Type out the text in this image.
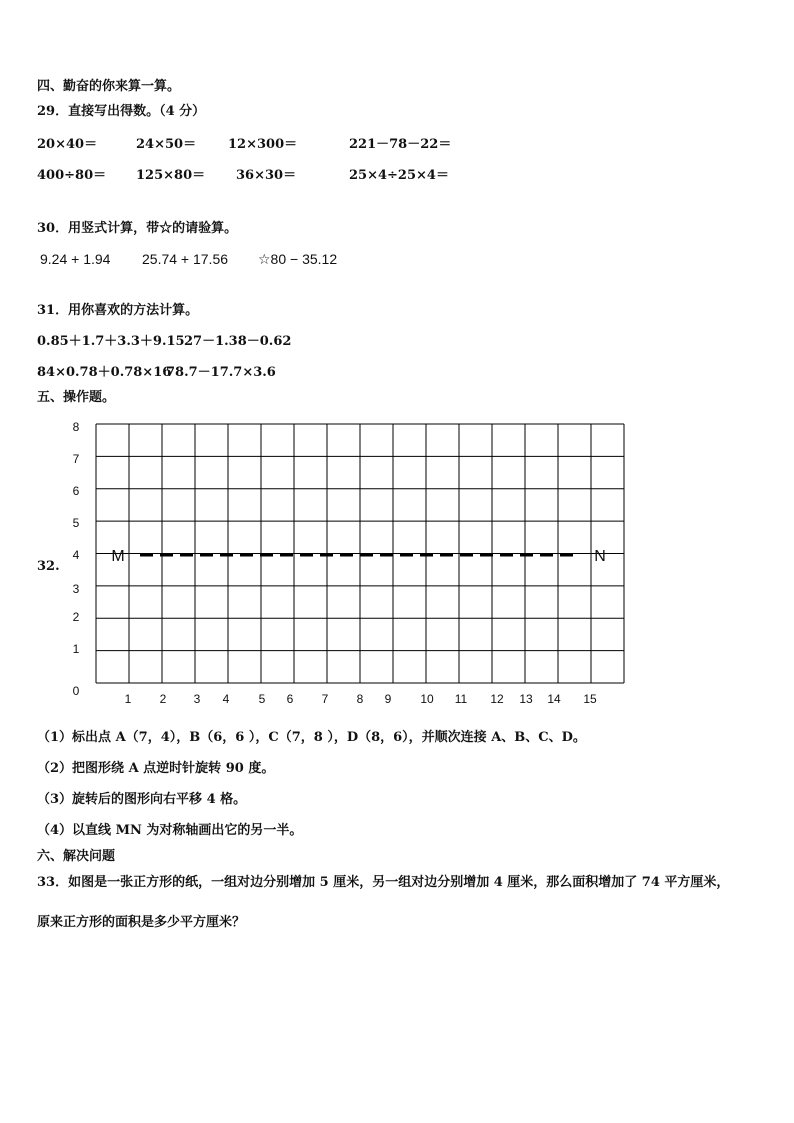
四、勤奋的你来算一算。
29．直接写出得数。（4 分）
20×40＝	24×50＝ 12×300＝	221－78－22＝
400÷80＝ 125×80＝ 36×30＝	25×4÷25×4＝
30．用竖式计算，带☆的请验算。
9.24 + 1.94 25.74 + 17.56 ☆80 − 35.12
31．用你喜欢的方法计算。
0.85＋1.7＋3.3＋9.15 27－1.38－0.62
84×0.78＋0.78×16
78.7－17.7×3.6
五、操作题。
32.
1 2 3 4 5 6 7 8 9 10 11 12 13 14 15
0
1
2
3
4
5
6
7
8
M	N
（1）标出点 A（7，4），B（6，6 ），C（7，8 ），D（8，6），并顺次连接 A、B、C、D。
（2）把图形绕 A 点逆时针旋转 90 度。
（3）旋转后的图形向右平移 4 格。
（4）以直线 MN 为对称轴画出它的另一半。
六、解决问题
33．如图是一张正方形的纸，一组对边分别增加 5 厘米，另一组对边分别增加 4 厘米，那么面积增加了 74 平方厘米，
原来正方形的面积是多少平方厘米？
